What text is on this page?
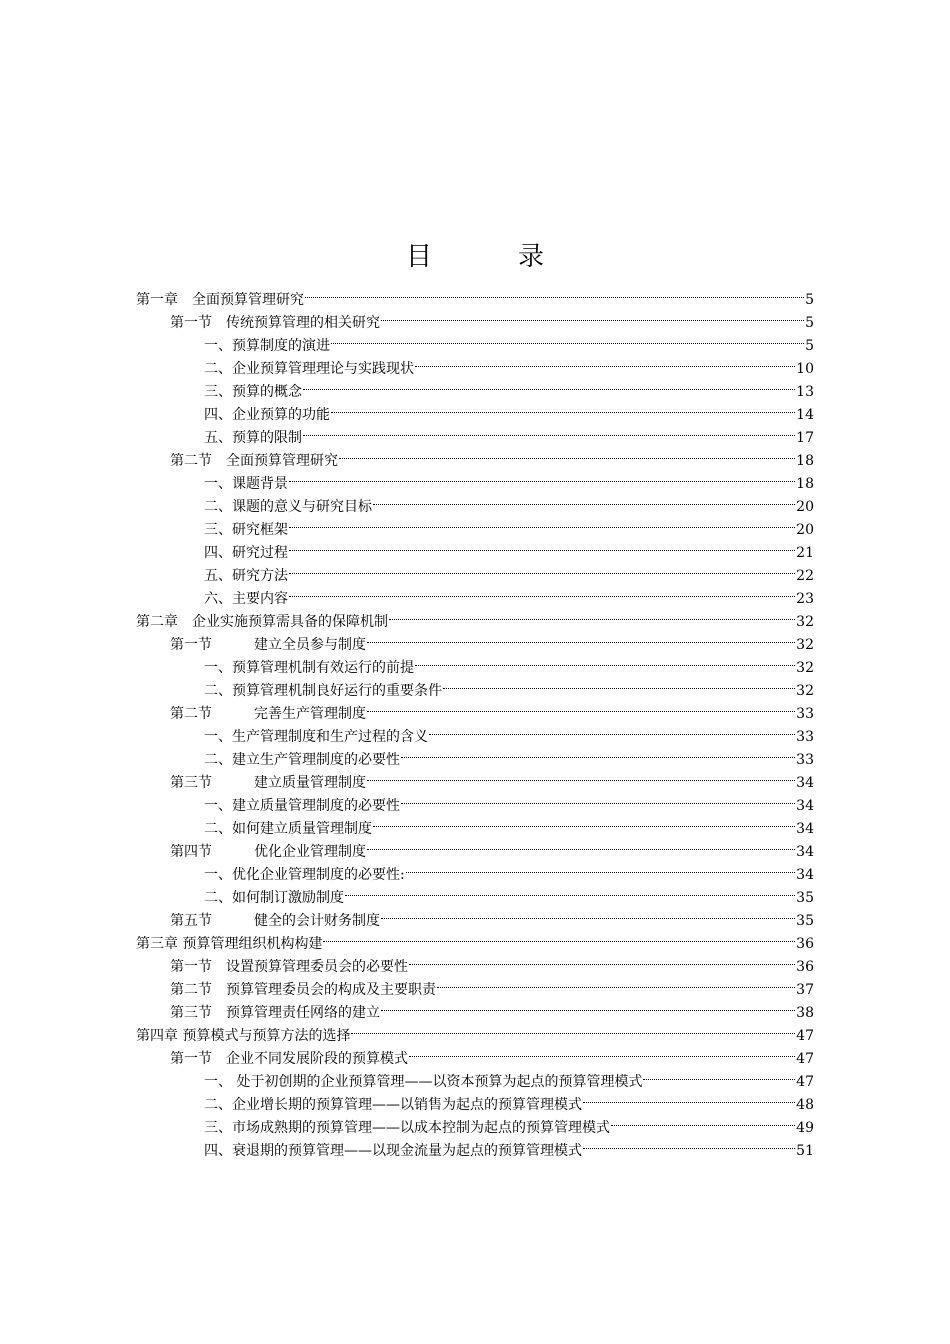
目　录
第一章　全面预算管理研究	5
第一节　传统预算管理的相关研究	5
一、预算制度的演进	5
二、企业预算管理理论与实践现状	10
三、预算的概念	13
四、企业预算的功能	14
五、预算的限制	17
第二节　全面预算管理研究	18
一、课题背景	18
二、课题的意义与研究目标	20
三、研究框架	20
四、研究过程	21
五、研究方法	22
六、主要内容	23
第二章　企业实施预算需具备的保障机制	32
第一节　　　建立全员参与制度	32
一、预算管理机制有效运行的前提	32
二、预算管理机制良好运行的重要条件	32
第二节　　　完善生产管理制度	33
一、生产管理制度和生产过程的含义	33
二、建立生产管理制度的必要性	33
第三节　　　建立质量管理制度	34
一、建立质量管理制度的必要性	34
二、如何建立质量管理制度	34
第四节　　　优化企业管理制度	34
一、优化企业管理制度的必要性:	34
二、如何制订激励制度	35
第五节　　　健全的会计财务制度	35
第三章 预算管理组织机构构建	36
第一节　设置预算管理委员会的必要性	36
第二节　预算管理委员会的构成及主要职责	37
第三节　预算管理责任网络的建立	38
第四章 预算模式与预算方法的选择	47
第一节　企业不同发展阶段的预算模式	47
一、 处于初创期的企业预算管理——以资本预算为起点的预算管理模式	47
二、企业增长期的预算管理——以销售为起点的预算管理模式	48
三、市场成熟期的预算管理——以成本控制为起点的预算管理模式	49
四、衰退期的预算管理——以现金流量为起点的预算管理模式	51
